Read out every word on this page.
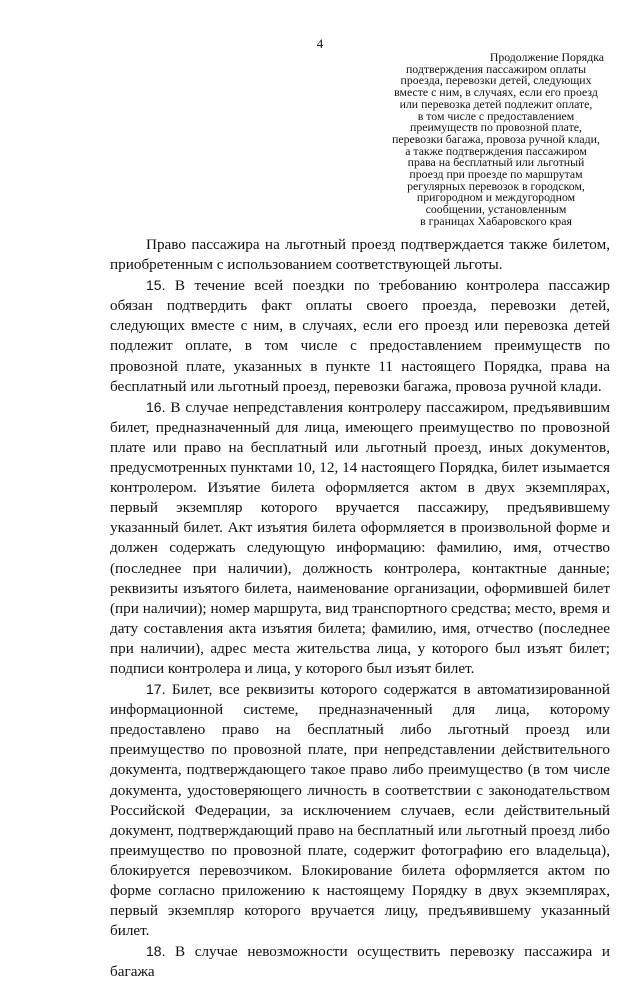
4
Продолжение Порядка
подтверждения пассажиром оплаты
проезда, перевозки детей, следующих
вместе с ним, в случаях, если его проезд
или перевозка детей подлежит оплате,
в том числе с предоставлением
преимуществ по провозной плате,
перевозки багажа, провоза ручной клади,
а также подтверждения пассажиром
права на бесплатный или льготный
проезд при проезде по маршрутам
регулярных перевозок в городском,
пригородном и междугородном
сообщении, установленным
в границах Хабаровского края

Право пассажира на льготный проезд подтверждается также билетом, приобретенным с использованием соответствующей льготы.

15. В течение всей поездки по требованию контролера пассажир обязан подтвердить факт оплаты своего проезда, перевозки детей, следующих вместе с ним, в случаях, если его проезд или перевозка детей подлежит оплате, в том числе с предоставлением преимуществ по провозной плате, указанных в пункте 11 настоящего Порядка, права на бесплатный или льготный проезд, перевозки багажа, провоза ручной клади.

16. В случае непредставления контролеру пассажиром, предъявившим билет, предназначенный для лица, имеющего преимущество по провозной плате или право на бесплатный или льготный проезд, иных документов, предусмотренных пунктами 10, 12, 14 настоящего Порядка, билет изымается контролером. Изъятие билета оформляется актом в двух экземплярах, первый экземпляр которого вручается пассажиру, предъявившему указанный билет. Акт изъятия билета оформляется в произвольной форме и должен содержать следующую информацию: фамилию, имя, отчество (последнее при наличии), должность контролера, контактные данные; реквизиты изъятого билета, наименование организации, оформившей билет (при наличии); номер маршрута, вид транспортного средства; место, время и дату составления акта изъятия билета; фамилию, имя, отчество (последнее при наличии), адрес места жительства лица, у которого был изъят билет; подписи контролера и лица, у которого был изъят билет.

17. Билет, все реквизиты которого содержатся в автоматизированной информационной системе, предназначенный для лица, которому предоставлено право на бесплатный либо льготный проезд или преимущество по провозной плате, при непредставлении действительного документа, подтверждающего такое право либо преимущество (в том числе документа, удостоверяющего личность в соответствии с законодательством Российской Федерации, за исключением случаев, если действительный документ, подтверждающий право на бесплатный или льготный проезд либо преимущество по провозной плате, содержит фотографию его владельца), блокируется перевозчиком. Блокирование билета оформляется актом по форме согласно приложению к настоящему Порядку в двух экземплярах, первый экземпляр которого вручается лицу, предъявившему указанный билет.

18. В случае невозможности осуществить перевозку пассажира и багажа
